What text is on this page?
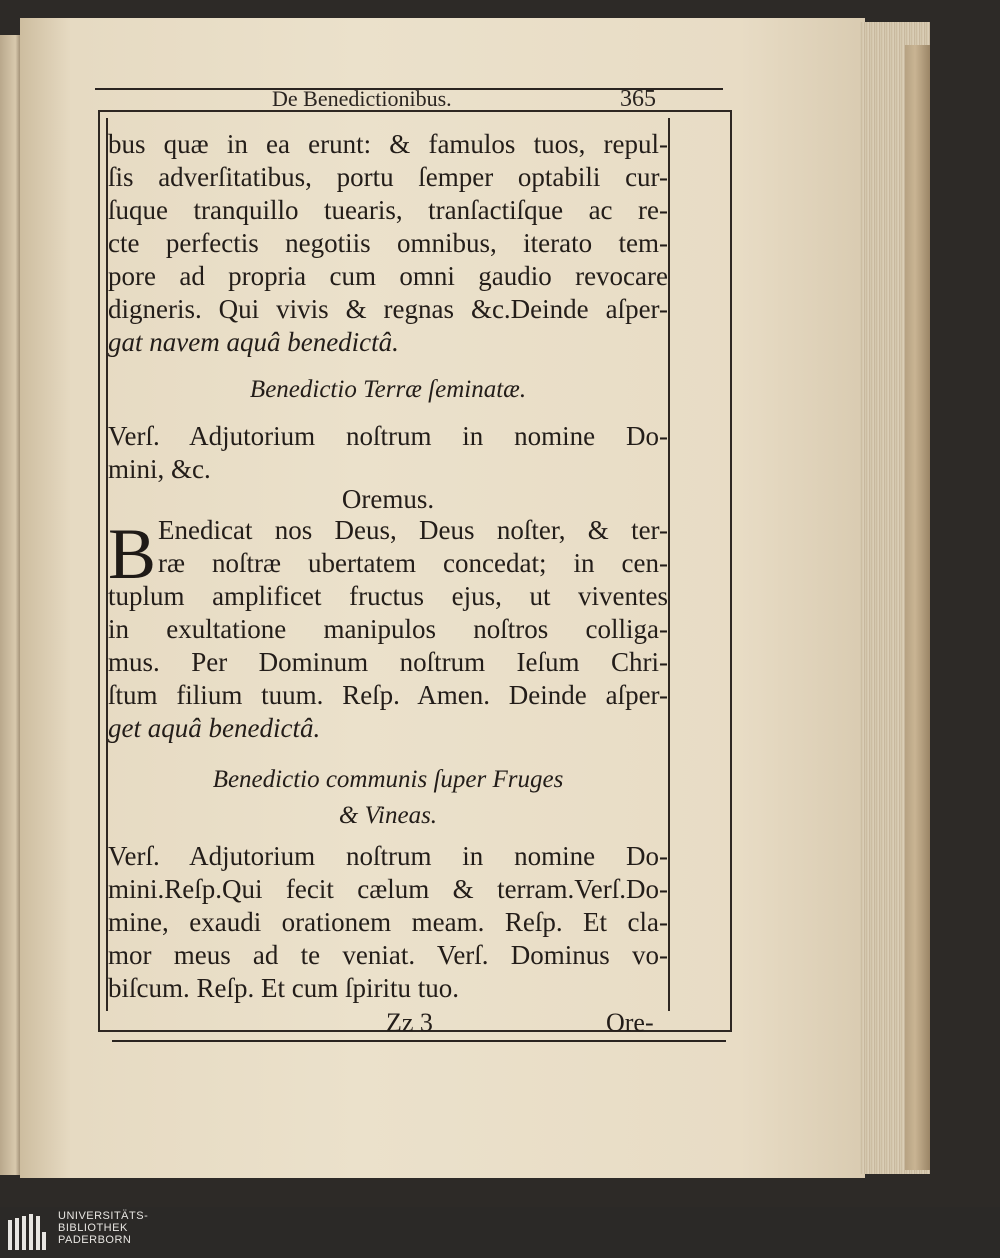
De Benedictionibus.	365
bus quæ in ea erunt: & famulos tuos, repul-
ſis adverſitatibus, portu ſemper optabili cur-
ſuque tranquillo tuearis, tranſactiſque ac re-
cte perfectis negotiis omnibus, iterato tem-
pore ad propria cum omni gaudio revocare
digneris. Qui vivis & regnas &c.Deinde aſper-
gat navem aquâ benedictâ.
Benedictio Terræ ſeminatæ.
Verſ. Adjutorium noſtrum in nomine Do-
mini, &c.
Oremus.
B Enedicat nos Deus, Deus noſter, & ter-
ræ noſtræ ubertatem concedat; in cen-
tuplum amplificet fructus ejus, ut viventes
in exultatione manipulos noſtros colliga-
mus. Per Dominum noſtrum Ieſum Chri-
ſtum filium tuum. Reſp. Amen. Deinde aſper-
get aquâ benedictâ.
Benedictio communis ſuper Fruges
& Vineas.
Verſ. Adjutorium noſtrum in nomine Do-
mini.Reſp.Qui fecit cælum & terram.Verſ.Do-
mine, exaudi orationem meam. Reſp. Et cla-
mor meus ad te veniat. Verſ. Dominus vo-
biſcum. Reſp. Et cum ſpiritu tuo.
Zz 3	Ore-
UNIVERSITÄTS-
BIBLIOTHEK
PADERBORN
